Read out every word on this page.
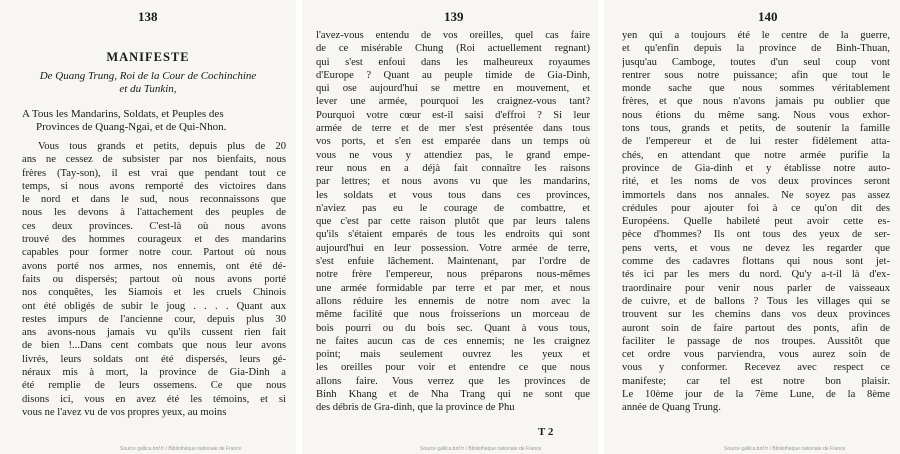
138
MANIFESTE
De Quang Trung, Roi de la Cour de Cochinchine
et du Tunkin,
A Tous les Mandarins, Soldats, et Peuples des
Provinces de Quang-Ngai, et de Qui-Nhon.
Vous tous grands et petits, depuis plus de 20
ans ne cessez de subsister par nos bienfaits, nous
frères (Tay-son), il est vrai que pendant tout ce
temps, si nous avons remporté des victoires dans
le nord et dans le sud, nous reconnaissons que
nous les devons à l'attachement des peuples de
ces deux provinces. C'est-là où nous avons
trouvé des hommes courageux et des mandarins
capables pour former notre cour. Partout où nous
avons porté nos armes, nos ennemis, ont été dé-
faits ou dispersés; partout où nous avons porté
nos conquêtes, les Siamois et les cruels Chinois
ont été obligés de subir le joug . . . . Quant aux
restes impurs de l'ancienne cour, depuis plus 30
ans avons-nous jamais vu qu'ils cussent rien fait
de bien !...Dans cent combats que nous leur avons
livrés, leurs soldats ont été dispersés, leurs gé-
néraux mis à mort, la province de Gia-Dinh a
été remplie de leurs ossemens. Ce que nous
disons ici, vous en avez été les témoins, et si
vous ne l'avez vu de vos propres yeux, au moins
Source gallica.bnf.fr / Bibliothèque nationale de France
139
l'avez-vous entendu de vos oreilles, quel cas faire
de ce misérable Chung (Roi actuellement regnant)
qui s'est enfoui dans les malheureux royaumes
d'Europe ? Quant au peuple timide de Gia-Dinh,
qui ose aujourd'hui se mettre en mouvement, et
lever une armée, pourquoi les craignez-vous tant?
Pourquoi votre cœur est-il saisi d'effroi ? Si leur
armée de terre et de mer s'est présentée dans tous
vos ports, et s'en est emparée dans un temps où
vous ne vous y attendiez pas, le grand empe-
reur nous en a déjà fait connaître les raisons
par lettres; et nous avons vu que les mandarins,
les soldats et vous tous dans ces provinces,
n'aviez pas eu le courage de combattre, et
que c'est par cette raison plutôt que par leurs talens
qu'ils s'étaient emparés de tous les endroits qui sont
aujourd'hui en leur possession. Votre armée de terre,
s'est enfuie lâchement. Maintenant, par l'ordre de
notre frère l'empereur, nous préparons nous-mêmes
une armée formidable par terre et par mer, et nous
allons réduire les ennemis de notre nom avec la
même facilité que nous froisserions un morceau de
bois pourri ou du bois sec. Quant à vous tous,
ne faites aucun cas de ces ennemis; ne les craignez
point; mais seulement ouvrez les yeux et
les oreilles pour voir et entendre ce que nous
allons faire. Vous verrez que les provinces de
Binh Khang et de Nha Trang qui ne sont que
des débris de Gra-dinh, que la province de Phu
T 2
Source gallica.bnf.fr / Bibliothèque nationale de France
140
yen qui a toujours été le centre de la guerre,
et qu'enfin depuis la province de Binh-Thuan,
jusqu'au Camboge, toutes d'un seul coup vont
rentrer sous notre puissance; afin que tout le
monde sache que nous sommes véritablement
frères, et que nous n'avons jamais pu oublier que
nous étions du même sang. Nous vous exhor-
tons tous, grands et petits, de soutenir la famille
de l'empereur et de lui rester fidèlement atta-
chés, en attendant que notre armée purifie la
province de Gia-dinh et y établisse notre auto-
rité, et les noms de vos deux provinces seront
immortels dans nos annales. Ne soyez pas assez
crédules pour ajouter foi à ce qu'on dit des
Européens. Quelle habileté peut avoir cette es-
pèce d'hommes? Ils ont tous des yeux de ser-
pens verts, et vous ne devez les regarder que
comme des cadavres flottans qui nous sont jet-
tés ici par les mers du nord. Qu'y a-t-il là d'ex-
traordinaire pour venir nous parler de vaisseaux
de cuivre, et de ballons ? Tous les villages qui se
trouvent sur les chemins dans vos deux provinces
auront soin de faire partout des ponts, afin de
faciliter le passage de nos troupes. Aussitôt que
cet ordre vous parviendra, vous aurez soin de
vous y conformer. Recevez avec respect ce
manifeste; car tel est notre bon plaisir.
Le 10ème jour de la 7ème Lune, de la 8ème
année de Quang Trung.
Source gallica.bnf.fr / Bibliothèque nationale de France
